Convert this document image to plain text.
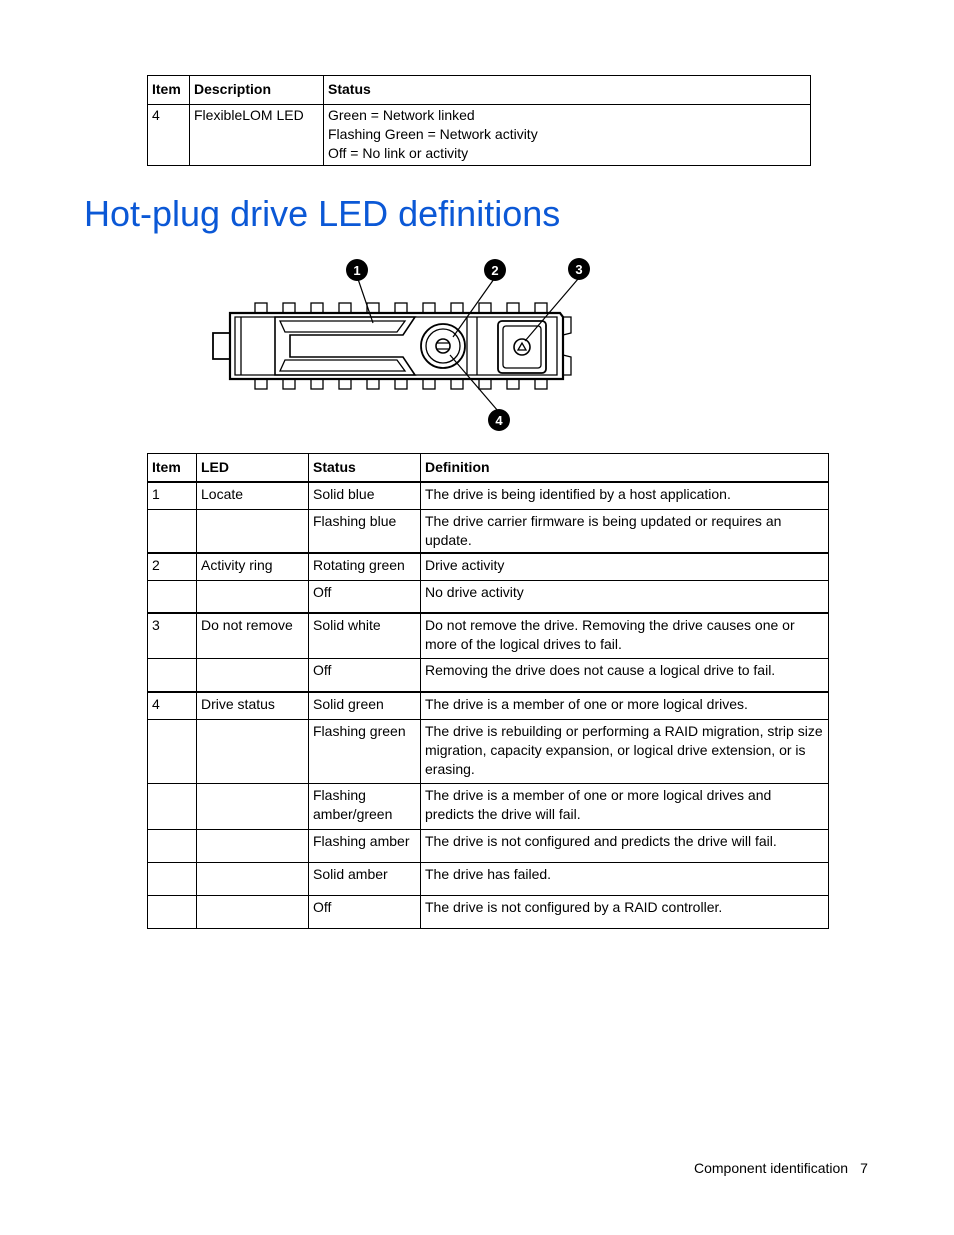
Item	Description	Status
4	FlexibleLOM LED	Green = Network linked
Flashing Green = Network activity
Off = No link or activity
Hot-plug drive LED definitions
1	2	3
4
Item	LED	Status	Definition
1	Locate	Solid blue	The drive is being identified by a host application.
		Flashing blue	The drive carrier firmware is being updated or requires an update.
2	Activity ring	Rotating green	Drive activity
		Off	No drive activity
3	Do not remove	Solid white	Do not remove the drive. Removing the drive causes one or more of the logical drives to fail.
		Off	Removing the drive does not cause a logical drive to fail.
4	Drive status	Solid green	The drive is a member of one or more logical drives.
		Flashing green	The drive is rebuilding or performing a RAID migration, strip size migration, capacity expansion, or logical drive extension, or is erasing.
		Flashing amber/green	The drive is a member of one or more logical drives and predicts the drive will fail.
		Flashing amber	The drive is not configured and predicts the drive will fail.
		Solid amber	The drive has failed.
		Off	The drive is not configured by a RAID controller.
Component identification 7
